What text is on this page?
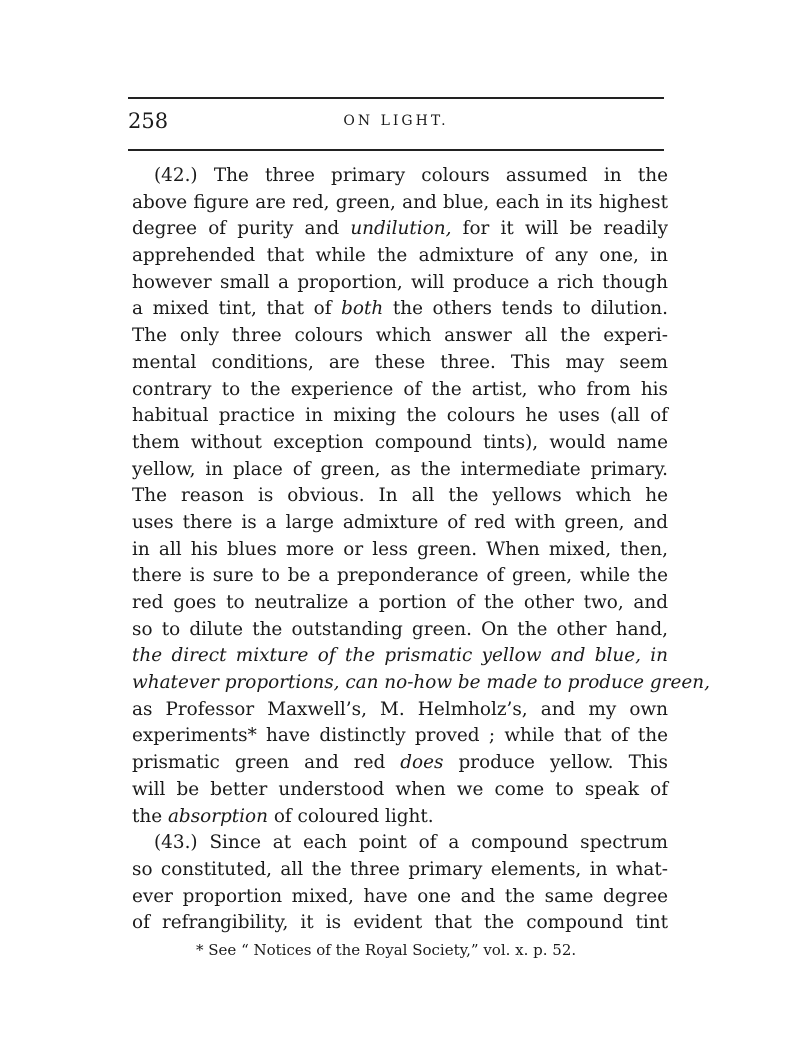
258	ON LIGHT.
(42.) The three primary colours assumed in the
above figure are red, green, and blue, each in its highest
degree of purity and undilution, for it will be readily
apprehended that while the admixture of any one, in
however small a proportion, will produce a rich though
a mixed tint, that of both the others tends to dilution.
The only three colours which answer all the experi-
mental conditions, are these three. This may seem
contrary to the experience of the artist, who from his
habitual practice in mixing the colours he uses (all of
them without exception compound tints), would name
yellow, in place of green, as the intermediate primary.
The reason is obvious. In all the yellows which he
uses there is a large admixture of red with green, and
in all his blues more or less green. When mixed, then,
there is sure to be a preponderance of green, while the
red goes to neutralize a portion of the other two, and
so to dilute the outstanding green. On the other hand,
the direct mixture of the prismatic yellow and blue, in
whatever proportions, can no-how be made to produce green,
as Professor Maxwell’s, M. Helmholz’s, and my own
experiments* have distinctly proved ; while that of the
prismatic green and red does produce yellow. This
will be better understood when we come to speak of
the absorption of coloured light.
(43.) Since at each point of a compound spectrum
so constituted, all the three primary elements, in what-
ever proportion mixed, have one and the same degree
of refrangibility, it is evident that the compound tint
* See “ Notices of the Royal Society,” vol. x. p. 52.
